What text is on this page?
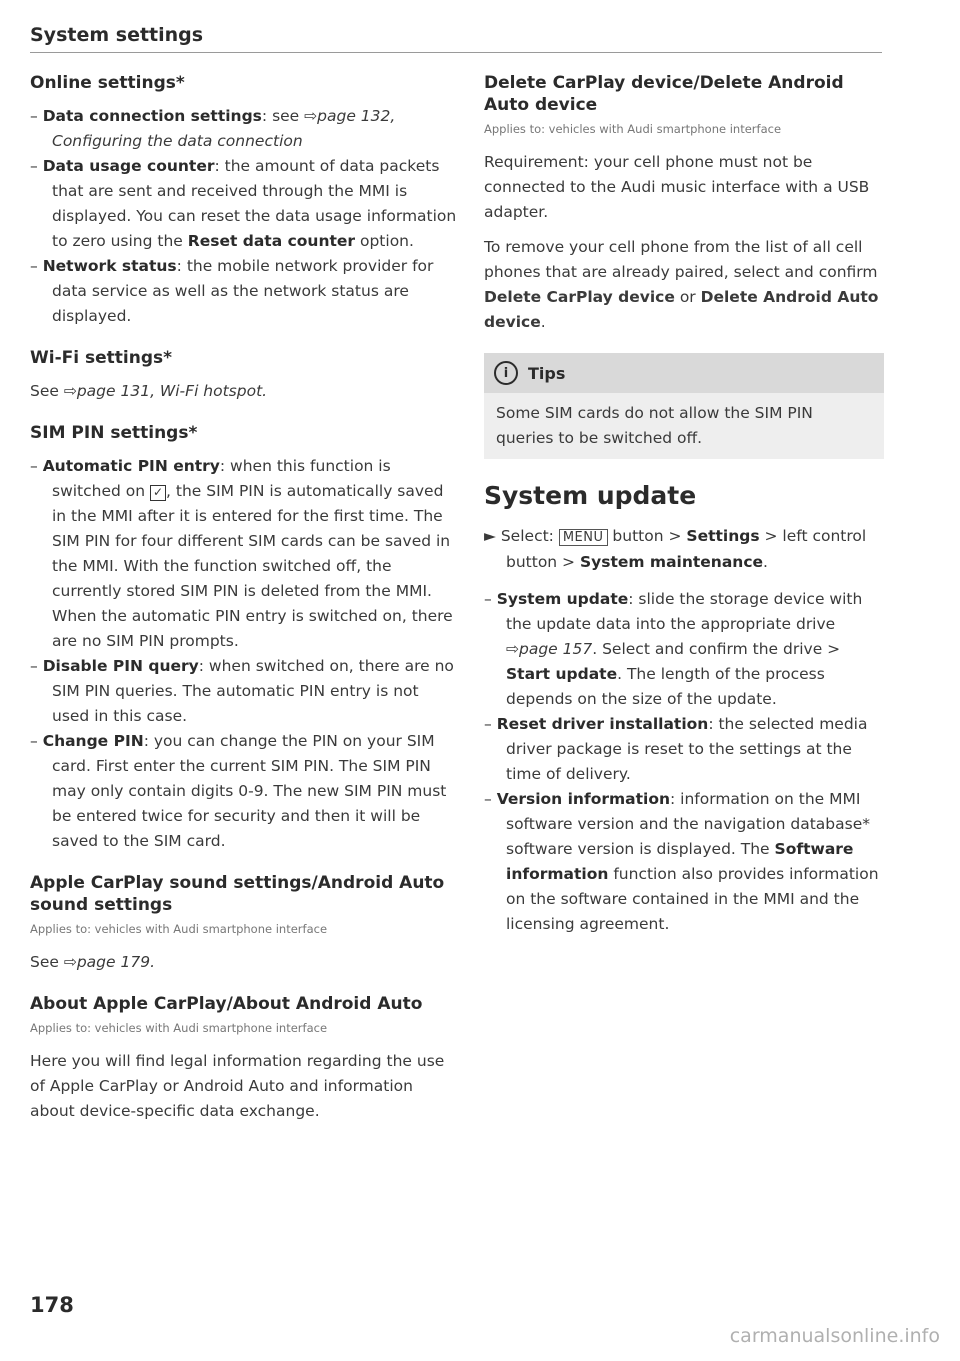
System settings
Online settings*
– Data connection settings: see ⇨page 132, Configuring the data connection
– Data usage counter: the amount of data packets that are sent and received through the MMI is displayed. You can reset the data usage information to zero using the Reset data counter option.
– Network status: the mobile network provider for data service as well as the network status are displayed.
Wi-Fi settings*
See ⇨page 131, Wi-Fi hotspot.
SIM PIN settings*
– Automatic PIN entry: when this function is switched on ✓ , the SIM PIN is automatically saved in the MMI after it is entered for the first time. The SIM PIN for four different SIM cards can be saved in the MMI. With the function switched off, the currently stored SIM PIN is deleted from the MMI. When the automatic PIN entry is switched on, there are no SIM PIN prompts.
– Disable PIN query: when switched on, there are no SIM PIN queries. The automatic PIN entry is not used in this case.
– Change PIN: you can change the PIN on your SIM card. First enter the current SIM PIN. The SIM PIN may only contain digits 0-9. The new SIM PIN must be entered twice for security and then it will be saved to the SIM card.
Apple CarPlay sound settings/Android Auto sound settings
Applies to: vehicles with Audi smartphone interface
See ⇨page 179.
About Apple CarPlay/About Android Auto
Applies to: vehicles with Audi smartphone interface
Here you will find legal information regarding the use of Apple CarPlay or Android Auto and information about device-specific data exchange.
Delete CarPlay device/Delete Android Auto device
Applies to: vehicles with Audi smartphone interface
Requirement: your cell phone must not be connected to the Audi music interface with a USB adapter.
To remove your cell phone from the list of all cell phones that are already paired, select and confirm Delete CarPlay device or Delete Android Auto device.
i	Tips
Some SIM cards do not allow the SIM PIN queries to be switched off.
System update
► Select: MENU button > Settings > left control button > System maintenance.
– System update: slide the storage device with the update data into the appropriate drive ⇨page 157. Select and confirm the drive > Start update. The length of the process depends on the size of the update.
– Reset driver installation: the selected media driver package is reset to the settings at the time of delivery.
– Version information: information on the MMI software version and the navigation database* software version is displayed. The Software information function also provides information on the software contained in the MMI and the licensing agreement.
178
carmanualsonline.info
